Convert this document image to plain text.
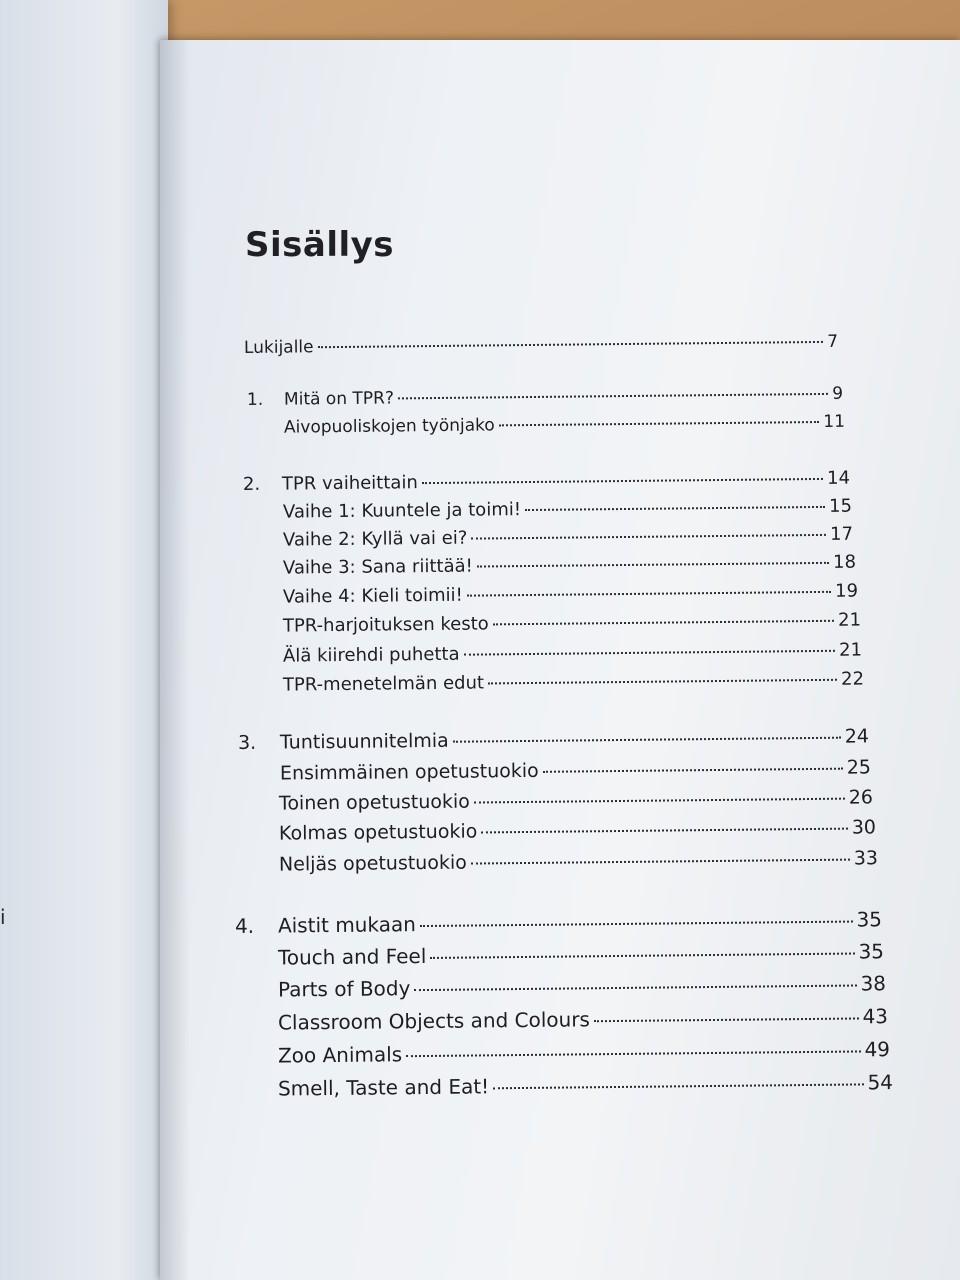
i
Sisällys
Lukijalle	7
1.	Mitä on TPR?	9
Aivopuoliskojen työnjako	11
2.	TPR vaiheittain	14
Vaihe 1: Kuuntele ja toimi!	15
Vaihe 2: Kyllä vai ei?	17
Vaihe 3: Sana riittää!	18
Vaihe 4: Kieli toimii!	19
TPR-harjoituksen kesto	21
Älä kiirehdi puhetta	21
TPR-menetelmän edut	22
3.	Tuntisuunnitelmia	24
Ensimmäinen opetustuokio	25
Toinen opetustuokio	26
Kolmas opetustuokio	30
Neljäs opetustuokio	33
4.	Aistit mukaan	35
Touch and Feel	35
Parts of Body	38
Classroom Objects and Colours	43
Zoo Animals	49
Smell, Taste and Eat!	54
